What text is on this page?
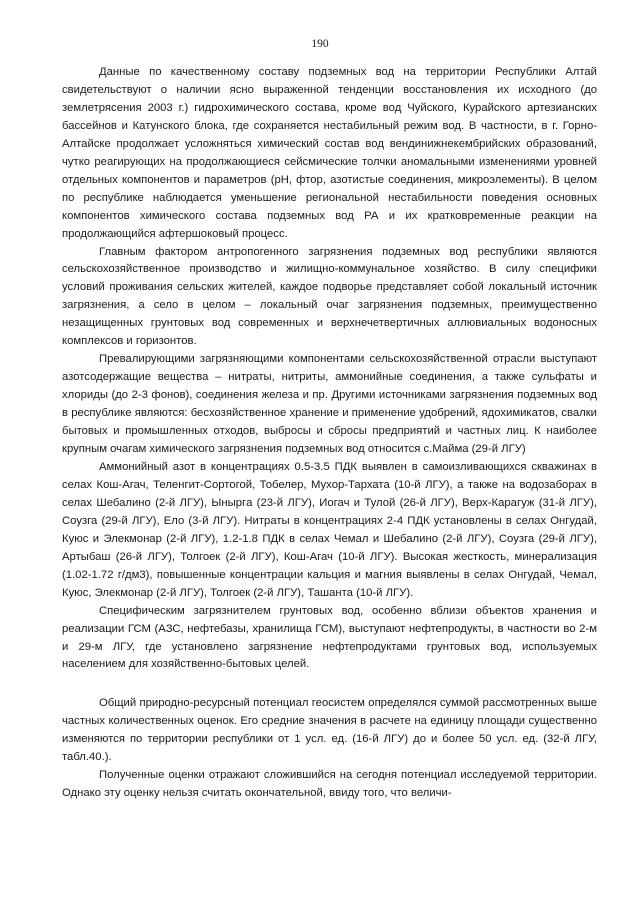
190

Данные по качественному составу подземных вод на территории Республики Алтай свидетельствуют о наличии ясно выраженной тенденции восстановления их исходного (до землетрясения 2003 г.) гидрохимического состава, кроме вод Чуйского, Курайского артезианских бассейнов и Катунского блока, где сохраняется нестабильный режим вод. В частности, в г. Горно-Алтайске продолжает усложняться химический состав вод вендинижнекембрийских образований, чутко реагирующих на продолжающиеся сейсмические толчки аномальными изменениями уровней отдельных компонентов и параметров (рН, фтор, азотистые соединения, микроэлементы). В целом по республике наблюдается уменьшение региональной нестабильности поведения основных компонентов химического состава подземных вод РА и их кратковременные реакции на продолжающийся афтершоковый процесс.

Главным фактором антропогенного загрязнения подземных вод республики являются сельскохозяйственное производство и жилищно-коммунальное хозяйство. В силу специфики условий проживания сельских жителей, каждое подворье представляет собой локальный источник загрязнения, а село в целом – локальный очаг загрязнения подземных, преимущественно незащищенных грунтовых вод современных и верхнечетвертичных аллювиальных водоносных комплексов и горизонтов.

Превалирующими загрязняющими компонентами сельскохозяйственной отрасли выступают азотсодержащие вещества – нитраты, нитриты, аммонийные соединения, а также сульфаты и хлориды (до 2-3 фонов), соединения железа и пр. Другими источниками загрязнения подземных вод в республике являются: бесхозяйственное хранение и применение удобрений, ядохимикатов, свалки бытовых и промышленных отходов, выбросы и сбросы предприятий и частных лиц. К наиболее крупным очагам химического загрязнения подземных вод относится с.Майма (29-й ЛГУ)

Аммонийный азот в концентрациях 0.5-3.5 ПДК выявлен в самоизливающихся скважинах в селах Кош-Агач, Теленгит-Сортогой, Тобелер, Мухор-Тархата (10-й ЛГУ), а также на водозаборах в селах Шебалино (2-й ЛГУ), Ыныргa (23-й ЛГУ), Иогач и Тулой (26-й ЛГУ), Верх-Карагуж (31-й ЛГУ), Соузга (29-й ЛГУ), Ело (3-й ЛГУ). Нитраты в концентрациях 2-4 ПДК установлены в селах Онгудай, Куюс и Элекмонар (2-й ЛГУ), 1.2-1.8 ПДК в селах Чемал и Шебалино (2-й ЛГУ), Соузга (29-й ЛГУ), Артыбаш (26-й ЛГУ), Толгоек (2-й ЛГУ), Кош-Агач (10-й ЛГУ). Высокая жесткость, минерализация (1.02-1.72 г/дм3), повышенные концентрации кальция и магния выявлены в селах Онгудай, Чемал, Куюс, Элекмонар (2-й ЛГУ), Толгоек (2-й ЛГУ), Ташанта (10-й ЛГУ).

Специфическим загрязнителем грунтовых вод, особенно вблизи объектов хранения и реализации ГСМ (АЗС, нефтебазы, хранилища ГСМ), выступают нефтепродукты, в частности во 2-м и 29-м ЛГУ, где установлено загрязнение нефтепродуктами грунтовых вод, используемых населением для хозяйственно-бытовых целей.

Общий природно-ресурсный потенциал геосистем определялся суммой рассмотренных выше частных количественных оценок. Его средние значения в расчете на единицу площади существенно изменяются по территории республики от 1 усл. ед. (16-й ЛГУ) до и более 50 усл. ед. (32-й ЛГУ, табл.40.).

Полученные оценки отражают сложившийся на сегодня потенциал исследуемой территории. Однако эту оценку нельзя считать окончательной, ввиду того, что величи-
